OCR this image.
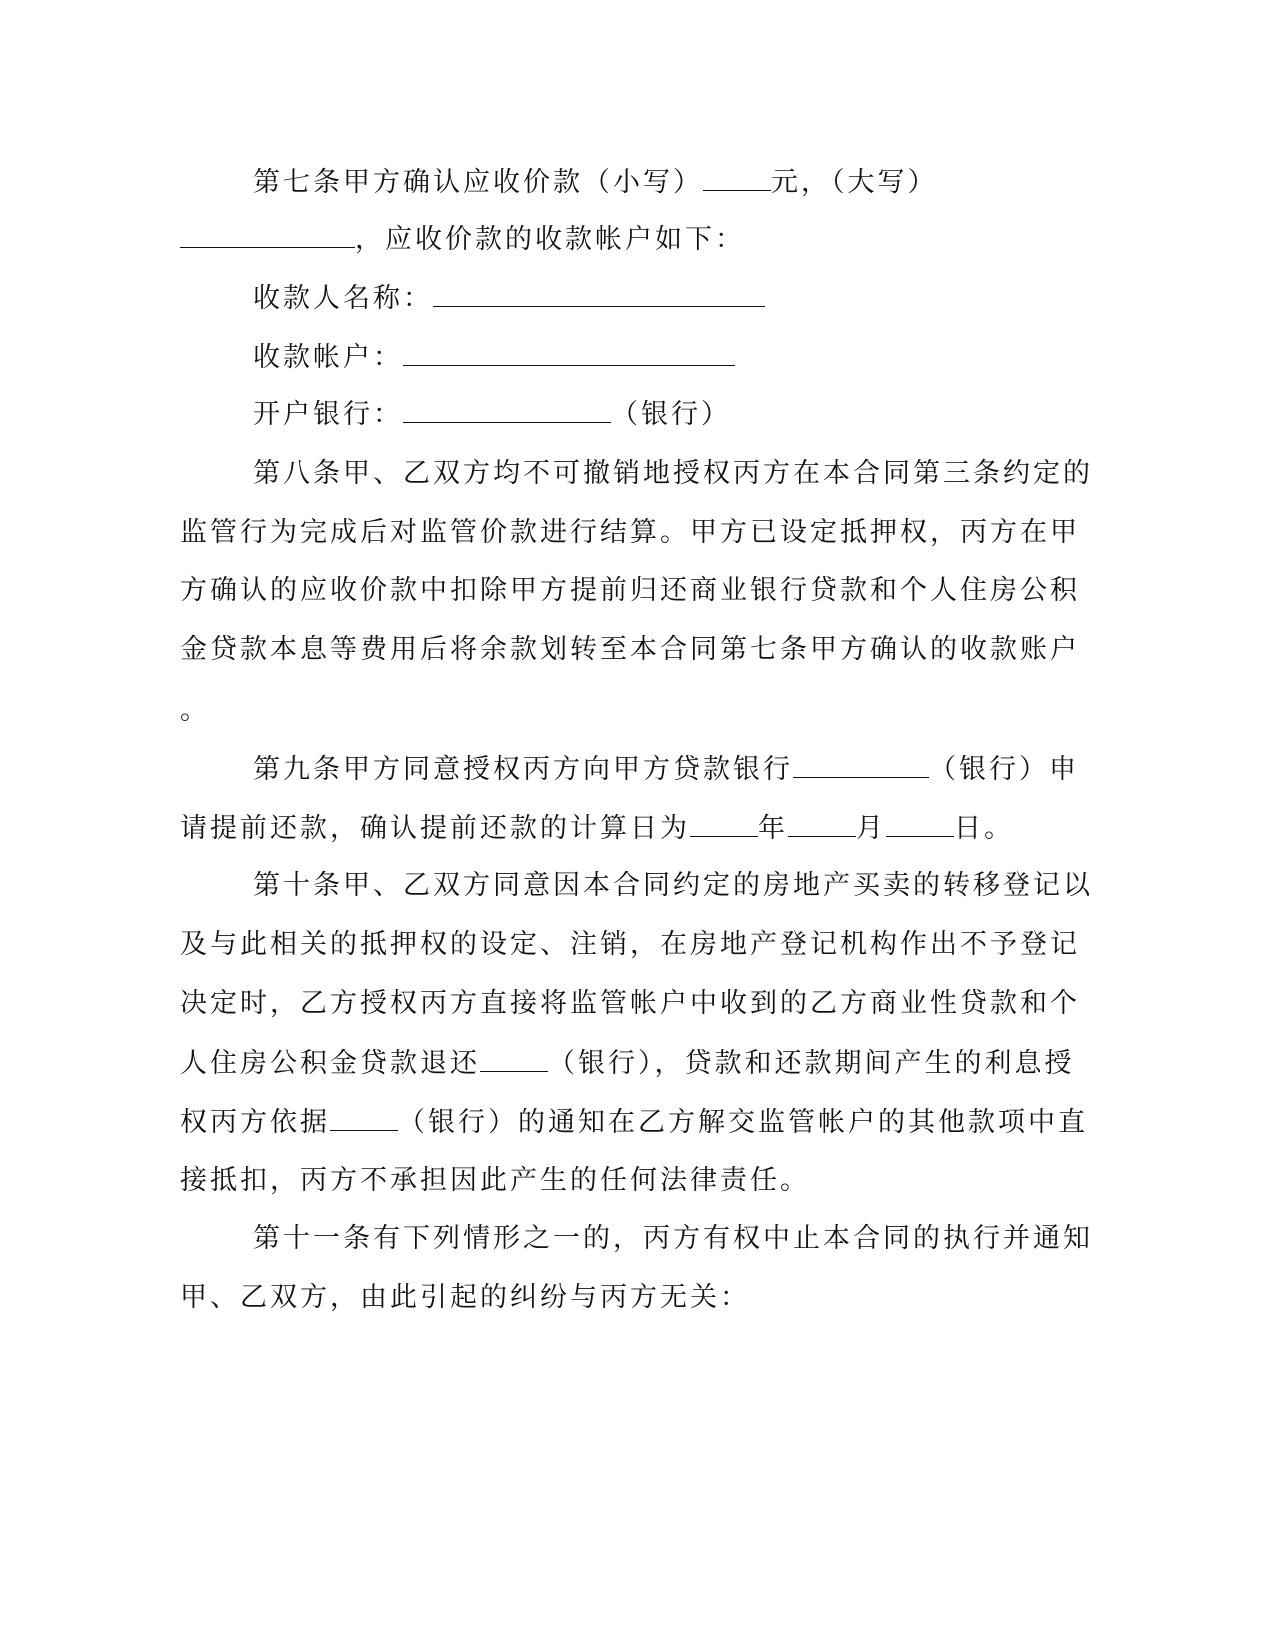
第七条甲方确认应收价款（小写）	元，（大写）
，应收价款的收款帐户如下：
收款人名称：
收款帐户：
开户银行：	（银行）
第八条甲、乙双方均不可撤销地授权丙方在本合同第三条约定的
监管行为完成后对监管价款进行结算。甲方已设定抵押权，丙方在甲
方确认的应收价款中扣除甲方提前归还商业银行贷款和个人住房公积
金贷款本息等费用后将余款划转至本合同第七条甲方确认的收款账户
。
第九条甲方同意授权丙方向甲方贷款银行	（银行）申
请提前还款，确认提前还款的计算日为	年	月	日。
第十条甲、乙双方同意因本合同约定的房地产买卖的转移登记以
及与此相关的抵押权的设定、注销，在房地产登记机构作出不予登记
决定时，乙方授权丙方直接将监管帐户中收到的乙方商业性贷款和个
人住房公积金贷款退还	（银行），贷款和还款期间产生的利息授
权丙方依据	（银行）的通知在乙方解交监管帐户的其他款项中直
接抵扣，丙方不承担因此产生的任何法律责任。
第十一条有下列情形之一的，丙方有权中止本合同的执行并通知
甲、乙双方，由此引起的纠纷与丙方无关：
